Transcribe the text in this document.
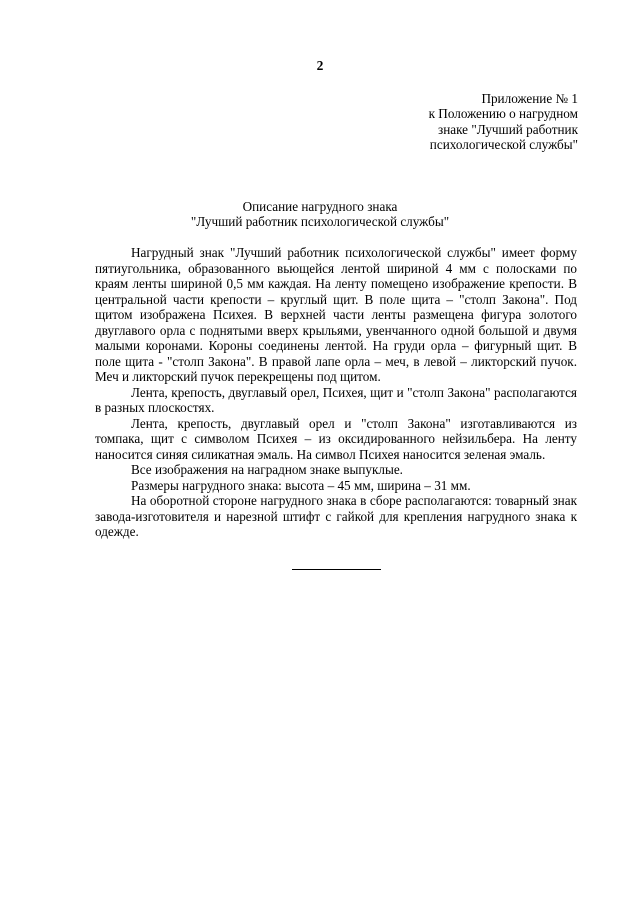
2
Приложение № 1
к Положению о нагрудном
знаке "Лучший работник
психологической службы"
Описание нагрудного знака
"Лучший работник психологической службы"

Нагрудный знак "Лучший работник психологической службы" имеет форму пятиугольника, образованного вьющейся лентой шириной 4 мм с полосками по краям ленты шириной 0,5 мм каждая. На ленту помещено изображение крепости. В центральной части крепости – круглый щит. В поле щита – "столп Закона". Под щитом изображена Психея. В верхней части ленты размещена фигура золотого двуглавого орла с поднятыми вверх крыльями, увенчанного одной большой и двумя малыми коронами. Короны соединены лентой. На груди орла – фигурный щит. В поле щита - "столп Закона". В правой лапе орла – меч, в левой – ликторский пучок. Меч и ликторский пучок перекрещены под щитом.

Лента, крепость, двуглавый орел, Психея, щит и "столп Закона" располагаются в разных плоскостях.

Лента, крепость, двуглавый орел и "столп Закона" изготавливаются из томпака, щит с символом Психея – из оксидированного нейзильбера. На ленту наносится синяя силикатная эмаль. На символ Психея наносится зеленая эмаль.

Все изображения на наградном знаке выпуклые.

Размеры нагрудного знака: высота – 45 мм, ширина – 31 мм.

На оборотной стороне нагрудного знака в сборе располагаются: товарный знак завода-изготовителя и нарезной штифт с гайкой для крепления нагрудного знака к одежде.
